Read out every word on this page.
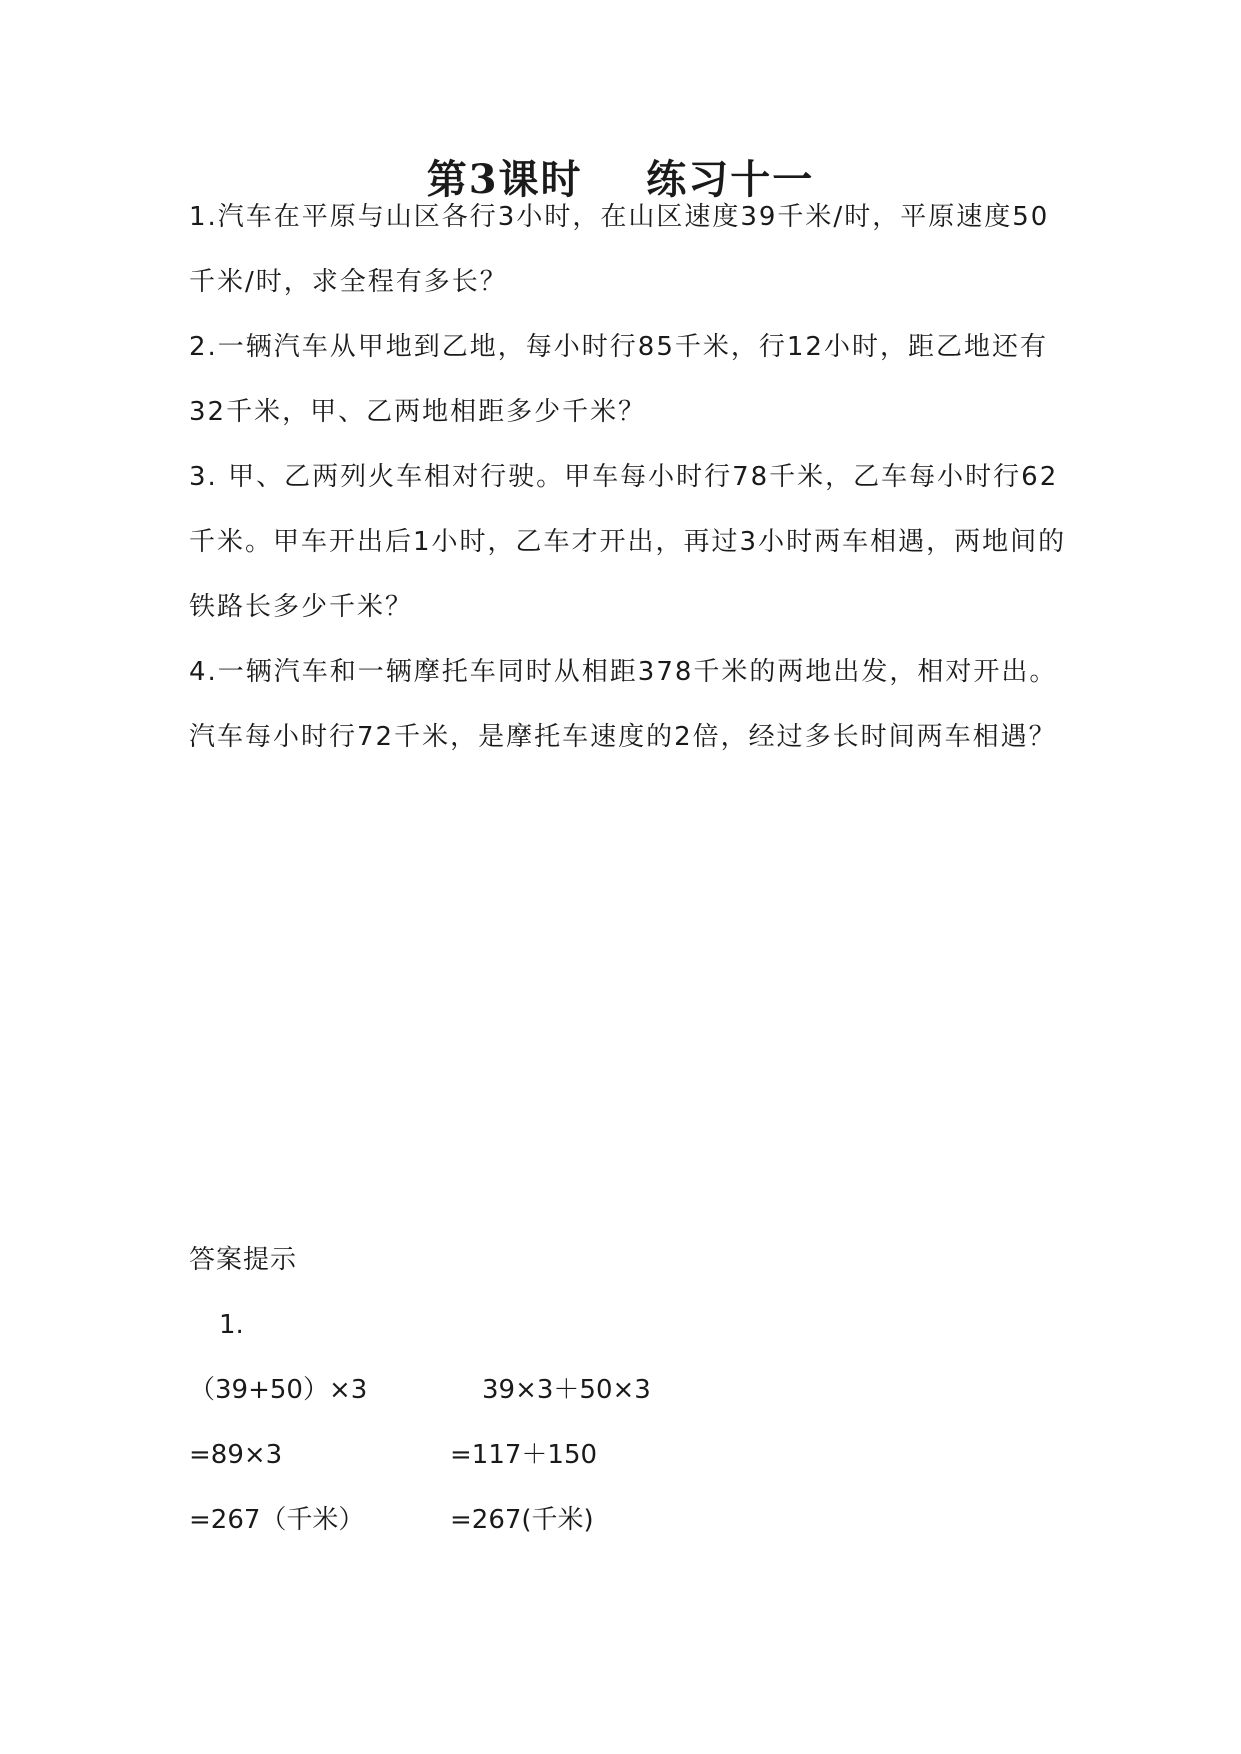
第3课时    练习十一

1.汽车在平原与山区各行3小时，在山区速度39千米/时，平原速度50千米/时，求全程有多长？

2.一辆汽车从甲地到乙地，每小时行85千米，行12小时，距乙地还有32千米，甲、乙两地相距多少千米？

3. 甲、乙两列火车相对行驶。甲车每小时行78千米，乙车每小时行62千米。甲车开出后1小时，乙车才开出，再过3小时两车相遇，两地间的铁路长多少千米？

4.一辆汽车和一辆摩托车同时从相距378千米的两地出发，相对开出。汽车每小时行72千米，是摩托车速度的2倍，经过多长时间两车相遇？

答案提示

1.
（39+50）×3
=89×3
=267（千米）
39×3＋50×3
=117＋150
=267(千米)
